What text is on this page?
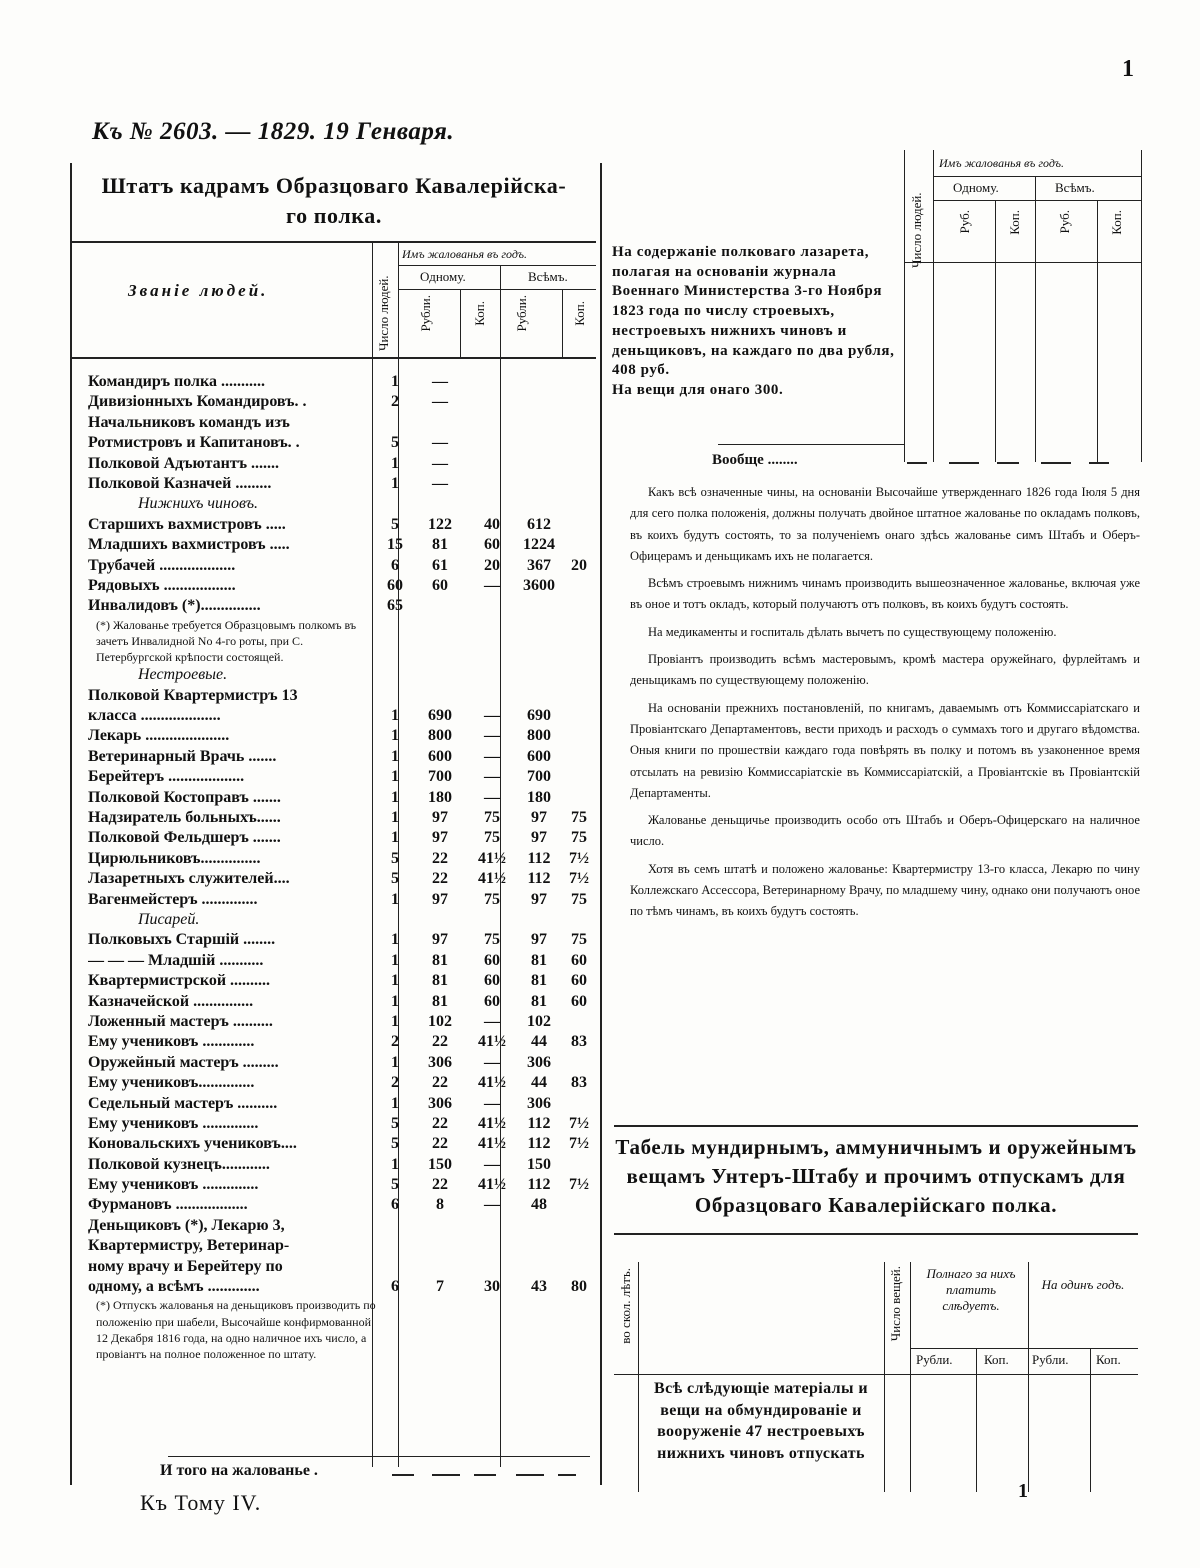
1
Къ № 2603. — 1829. 19 Генваря.
Штатъ кадрамъ Образцоваго Кавалерійска-
го полка.
Званіе людей.	Число людей.
Имъ жалованья въ годъ.
Одному.	Всѣмъ.
Рубли.	Коп. Рубли.	Коп.
Командиръ полка ...........	1	—
Дивизіонныхъ Командировъ. .	2	—
Начальниковъ командъ изъ
Ротмистровъ и Капитановъ. .	5	—
Полковой Адъютантъ .......	1	—
Полковой Казначей .........	1	—
Нижнихъ чиновъ.
Старшихъ вахмистровъ .....	5	122	40	612
Младшихъ вахмистровъ .....	15	81	60	1224
Трубачей ...................	6	61	20	367	20
Рядовыхъ ..................	60	60	—	3600
Инвалидовъ (*)...............	65
(*) Жалованье требуется Образцовымъ полкомъ въ зачетъ Инвалидной No 4-го роты, при С. Петербургской крѣпости состоящей.
Нестроевые.
Полковой Квартермистръ 13
класса ....................	1	690	—	690
Лекарь .....................	1	800	—	800
Ветеринарный Врачь .......	1	600	—	600
Берейтеръ ...................	1	700	—	700
Полковой Костоправъ .......	1	180	—	180
Надзиратель больныхъ......	1	97	75	97	75
Полковой Фельдшеръ .......	1	97	75	97	75
Цирюльниковъ...............	5	22	41½	112	7½
Лазаретныхъ служителей....	5	22	41½	112	7½
Вагенмейстеръ ..............	1	97	75	97	75
Писарей.
Полковыхъ Старшій ........	1	97	75	97	75
— — — Младшій ...........	1	81	60	81	60
Квартермистрской ..........	1	81	60	81	60
Казначейской ...............	1	81	60	81	60
Ложенный мастеръ ..........	1	102	—	102
Ему учениковъ .............	2	22	41½	44	83
Оружейный мастеръ .........	1	306	—	306
Ему учениковъ..............	2	22	41½	44	83
Седельный мастеръ ..........	1	306	—	306
Ему учениковъ ..............	5	22	41½	112	7½
Коновальскихъ учениковъ....	5	22	41½	112	7½
Полковой кузнецъ............	1	150	—	150
Ему учениковъ ..............	5	22	41½	112	7½
Фурмановъ ..................	6	8	—	48
Деньщиковъ (*), Лекарю 3,
Квартермистру, Ветеринар-
ному врачу и Берейтеру по
одному, а всѣмъ .............	6	7	30	43	80
(*) Отпускъ жалованья на деньщиковъ производить по положенію при шабели, Высочайше конфирмованной 12 Декабря 1816 года, на одно наличное ихъ число, а провіантъ на полное положенное по штату.
И того на жалованье .

Къ Тому IV.
Число людей.
Имъ жалованья въ годъ.
Одному.	Всѣмъ.
Руб.	Коп.	Руб.	Коп.

На содержаніе полковаго лазарета, полагая на основаніи журнала Военнаго Министерства 3-го Ноября 1823 года по числу строевыхъ, нестроевыхъ нижнихъ чиновъ и деньщиковъ, на каждаго по два рубля, 408 руб.
На вещи для онаго 300.
Вообще ........

Какъ всѣ означенные чины, на основаніи Высочайше утвержденнаго 1826 года Іюля 5 дня для сего полка положенія, должны получать двойное штатное жалованье по окладамъ полковъ, въ коихъ будутъ состоять, то за полученіемъ онаго здѣсь жалованье симъ Штабъ и Оберъ-Офицерамъ и деньщикамъ ихъ не полагается.

Всѣмъ строевымъ нижнимъ чинамъ производить вышеозначенное жалованье, включая уже въ оное и тотъ окладъ, который получаютъ отъ полковъ, въ коихъ будутъ состоять.

На медикаменты и госпиталь дѣлать вычетъ по существующему положенію.

Провіантъ производить всѣмъ мастеровымъ, кромѣ мастера оружейнаго, фурлейтамъ и деньщикамъ по существующему положенію.

На основаніи прежнихъ постановленій, по книгамъ, даваемымъ отъ Коммиссаріатскаго и Провіантскаго Департаментовъ, вести приходъ и расходъ о суммахъ того и другаго вѣдомства. Оныя книги по прошествіи каждаго года повѣрять въ полку и потомъ въ узаконенное время отсылать на ревизію Коммиссаріатскіе въ Коммиссаріатскій, а Провіантскіе въ Провіантскій Департаменты.

Жалованье деньщичье производить особо отъ Штабъ и Оберъ-Офицерскаго на наличное число.

Хотя въ семъ штатѣ и положено жалованье: Квартермистру 13-го класса, Лекарю по чину Коллежскаго Ассессора, Ветеринарному Врачу, по младшему чину, однако они получаютъ оное по тѣмъ чинамъ, въ коихъ будутъ состоять.

Табель мундирнымъ, аммуничнымъ и оружейнымъ вещамъ Унтеръ-Штабу и прочимъ отпускамъ для Образцоваго Кавалерійскаго полка.
во скол. лѣтъ.	Число вещей.	Полнаго за нихъ платить слѣдуетъ.
На одинъ годъ.
Рубли. Коп. Рубли. Коп.
Всѣ слѣдующіе матеріалы и вещи на обмундированіе и вооруженіе 47 нестроевыхъ нижнихъ чиновъ отпускать
1
